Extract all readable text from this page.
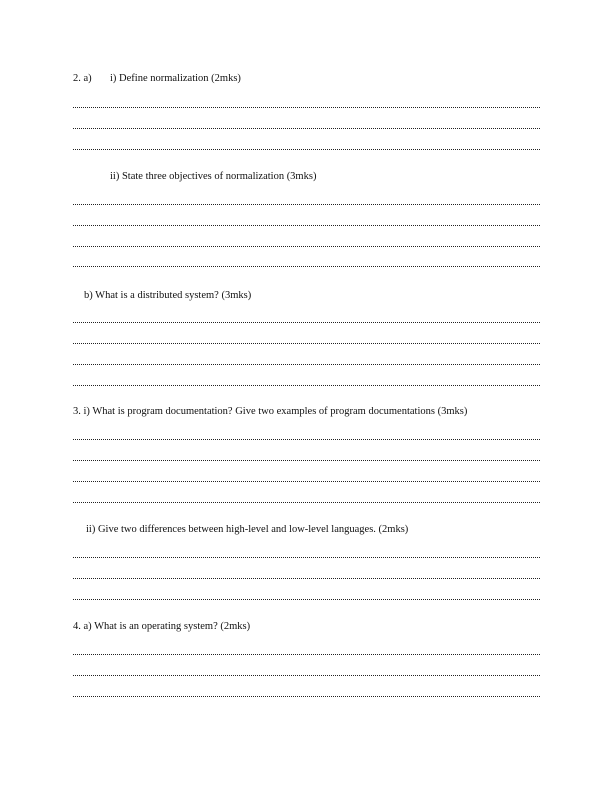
2. a) i) Define normalization (2mks)
ii) State three objectives of normalization (3mks)
b) What is a distributed system? (3mks)
3. i) What is program documentation? Give two examples of program documentations (3mks)
ii) Give two differences between high-level and low-level languages. (2mks)
4. a) What is an operating system? (2mks)
